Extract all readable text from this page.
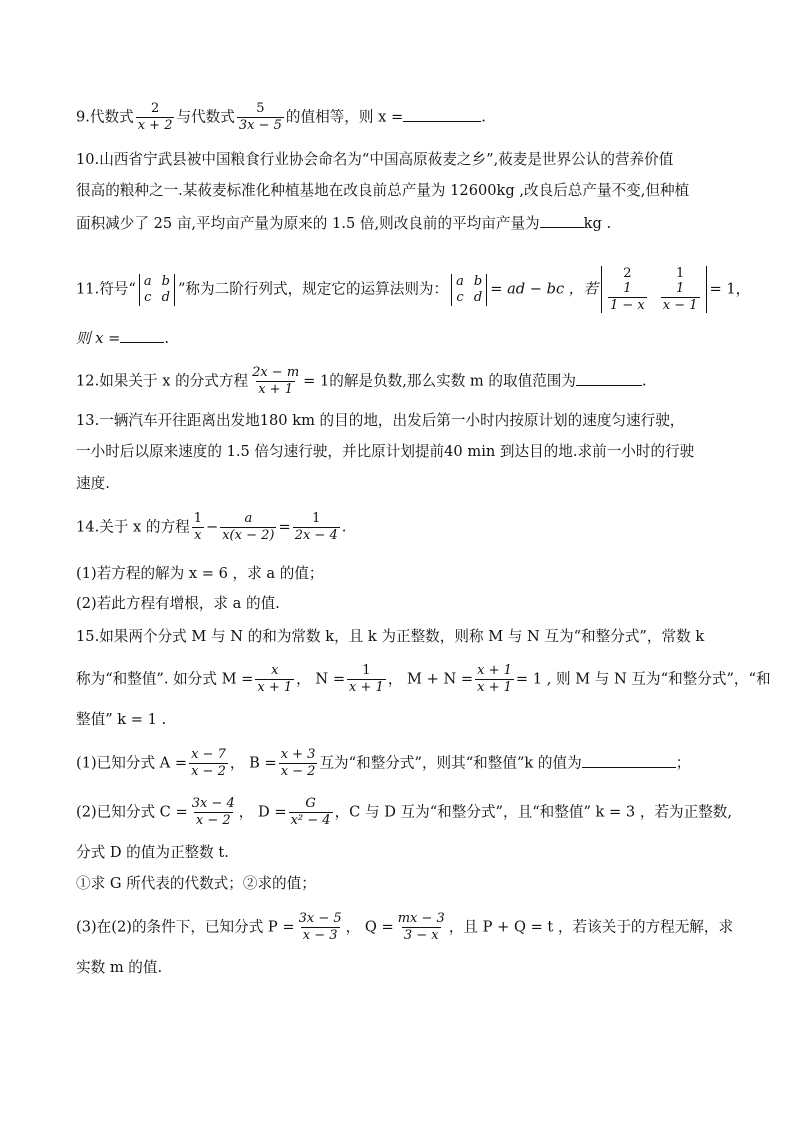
9.代数式 $\frac{2}{x + 2}$ 与代数式 $\frac{5}{3x - 5}$ 的值相等，则 x =	.
10.山西省宁武县被中国粮食行业协会命名为“中国高原莜麦之乡”,莜麦是世界公认的营养价值
很高的粮种之一.某莜麦标准化种植基地在改良前总产量为 12600kg ,改良后总产量不变,但种植
面积减少了 25 亩,平均亩产量为原来的 1.5 倍,则改良前的平均亩产量为	kg .
11.符号“ a	b
c	d ”称为二阶行列式，规定它的运算法则为： a	b
c	d = ad − bc ，若
2	1

$\frac{1}{1 - x}$	$\frac{1}{x - 1} = 1$，
则 x =	.
12.如果关于 x 的分式方程 $\frac{2x - m}{x + 1} = 1$的解是负数,那么实数 m 的取值范围为	.
13.一辆汽车开往距离出发地180 km 的目的地，出发后第一小时内按原计划的速度匀速行驶，
一小时后以原来速度的 1.5 倍匀速行驶，并比原计划提前40 min 到达目的地.求前一小时的行驶
速度.
14.关于 x 的方程 $\frac{1}{x} - \frac{a}{x(x - 2)} = \frac{1}{2x - 4}$ .
(1)若方程的解为 x = 6 ，求 a 的值；
(2)若此方程有增根，求 a 的值.
15.如果两个分式 M 与 N 的和为常数 k，且 k 为正整数，则称 M 与 N 互为“和整分式”，常数 k
称为“和整值”. 如分式 $M = \frac{x}{x + 1}$ ， $N = \frac{1}{x + 1}$ ， $M + N = \frac{x + 1}{x + 1} = 1$ , 则 M 与 N 互为“和整分式”，“和
整值” k = 1 .
(1)已知分式 $A = \frac{x - 7}{x - 2}$ ， $B = \frac{x + 3}{x - 2}$ 互为“和整分式”，则其“和整值”k 的值为	；
(2)已知分式 $C = \frac{3x - 4}{x - 2}$ ， $D = \frac{G}{\text{x² − 4}}$ ，C 与 D 互为“和整分式”，且“和整值” k = 3 ，若为正整数,
分式 D 的值为正整数 t.
①求 G 所代表的代数式；②求的值；
(3)在(2)的条件下，已知分式 $P = \frac{3x - 5}{x - 3}$ ， $Q = \frac{mx - 3}{3 - x}$ ，且 P + Q = t ，若该关于的方程无解，求
实数 m 的值.
